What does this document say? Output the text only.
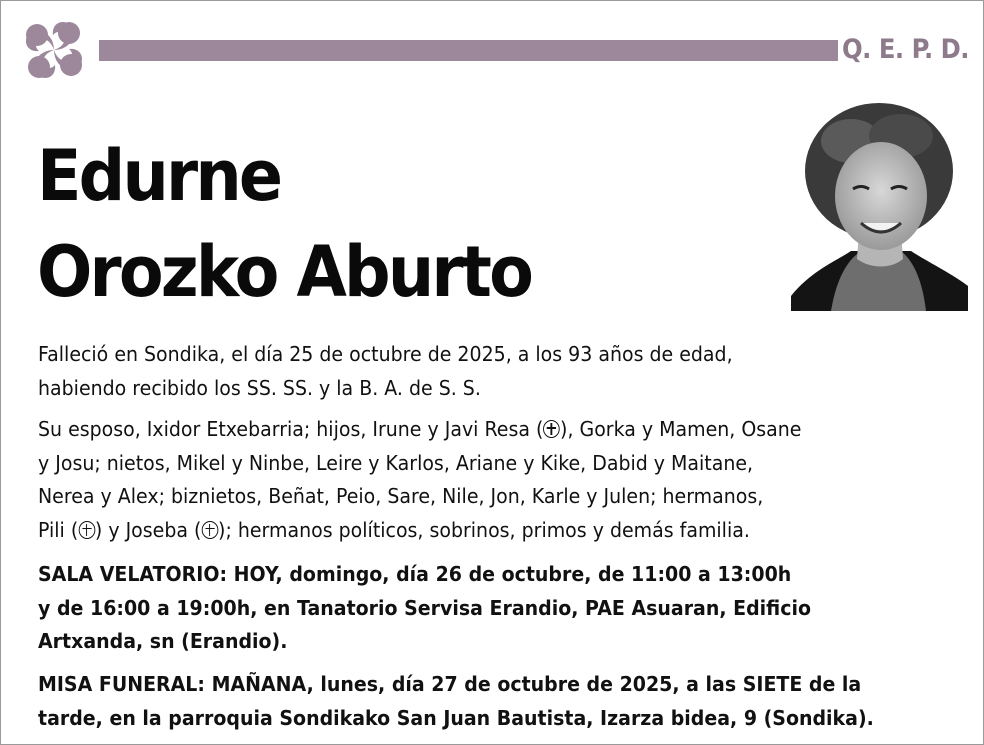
Q. E. P. D.
Edurne
Orozko Aburto
Falleció en Sondika, el día 25 de octubre de 2025, a los 93 años de edad,
habiendo recibido los SS. SS. y la B. A. de S. S.
Su esposo, Ixidor Etxebarria; hijos, Irune y Javi Resa ( ), Gorka y Mamen, Osane
y Josu; nietos, Mikel y Ninbe, Leire y Karlos, Ariane y Kike, Dabid y Maitane,
Nerea y Alex; biznietos, Beñat, Peio, Sare, Nile, Jon, Karle y Julen; hermanos,
Pili ( ) y Joseba ( ); hermanos políticos, sobrinos, primos y demás familia.
SALA VELATORIO: HOY, domingo, día 26 de octubre, de 11:00 a 13:00h
y de 16:00 a 19:00h, en Tanatorio Servisa Erandio, PAE Asuaran, Edificio
Artxanda, sn (Erandio).
MISA FUNERAL: MAÑANA, lunes, día 27 de octubre de 2025, a las SIETE de la
tarde, en la parroquia Sondikako San Juan Bautista, Izarza bidea, 9 (Sondika).
